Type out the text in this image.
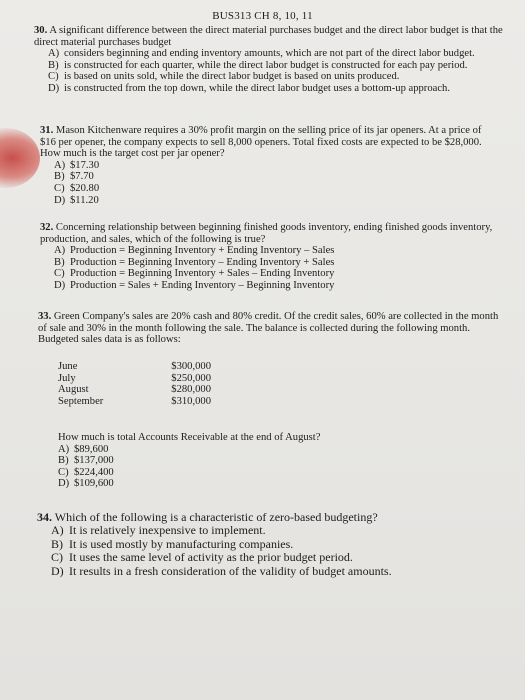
BUS313 CH 8, 10, 11
30. A significant difference between the direct material purchases budget and the direct labor budget is that the direct material purchases budget
A) considers beginning and ending inventory amounts, which are not part of the direct labor budget.
B) is constructed for each quarter, while the direct labor budget is constructed for each pay period.
C) is based on units sold, while the direct labor budget is based on units produced.
D) is constructed from the top down, while the direct labor budget uses a bottom-up approach.
31. Mason Kitchenware requires a 30% profit margin on the selling price of its jar openers. At a price of $16 per opener, the company expects to sell 8,000 openers. Total fixed costs are expected to be $28,000. How much is the target cost per jar opener?
A) $17.30
B) $7.70
C) $20.80
D) $11.20
32. Concerning relationship between beginning finished goods inventory, ending finished goods inventory, production, and sales, which of the following is true?
A) Production = Beginning Inventory + Ending Inventory – Sales
B) Production = Beginning Inventory – Ending Inventory + Sales
C) Production = Beginning Inventory + Sales – Ending Inventory
D) Production = Sales + Ending Inventory – Beginning Inventory
33. Green Company's sales are 20% cash and 80% credit. Of the credit sales, 60% are collected in the month of sale and 30% in the month following the sale. The balance is collected during the following month. Budgeted sales data is as follows:
June	$300,000
July	$250,000
August	$280,000
September	$310,000
How much is total Accounts Receivable at the end of August?
A) $89,600
B) $137,000
C) $224,400
D) $109,600
34. Which of the following is a characteristic of zero-based budgeting?
A) It is relatively inexpensive to implement.
B) It is used mostly by manufacturing companies.
C) It uses the same level of activity as the prior budget period.
D) It results in a fresh consideration of the validity of budget amounts.
